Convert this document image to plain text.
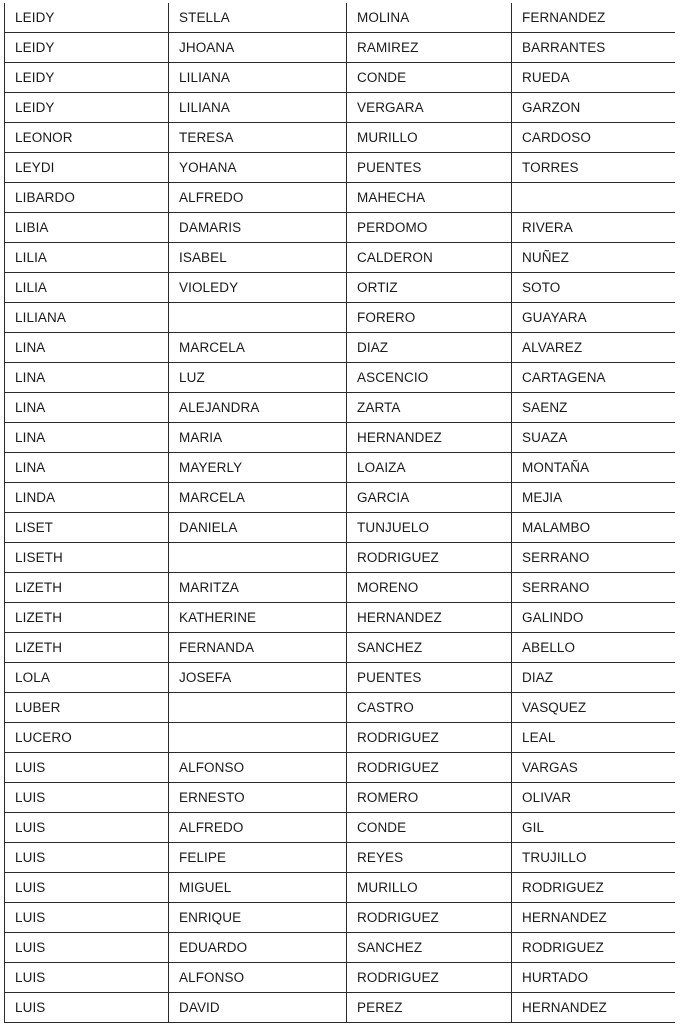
LEIDY	STELLA	MOLINA	FERNANDEZ
LEIDY	JHOANA	RAMIREZ	BARRANTES
LEIDY	LILIANA	CONDE	RUEDA
LEIDY	LILIANA	VERGARA	GARZON
LEONOR	TERESA	MURILLO	CARDOSO
LEYDI	YOHANA	PUENTES	TORRES
LIBARDO	ALFREDO	MAHECHA	
LIBIA	DAMARIS	PERDOMO	RIVERA
LILIA	ISABEL	CALDERON	NUÑEZ
LILIA	VIOLEDY	ORTIZ	SOTO
LILIANA		FORERO	GUAYARA
LINA	MARCELA	DIAZ	ALVAREZ
LINA	LUZ	ASCENCIO	CARTAGENA
LINA	ALEJANDRA	ZARTA	SAENZ
LINA	MARIA	HERNANDEZ	SUAZA
LINA	MAYERLY	LOAIZA	MONTAÑA
LINDA	MARCELA	GARCIA	MEJIA
LISET	DANIELA	TUNJUELO	MALAMBO
LISETH		RODRIGUEZ	SERRANO
LIZETH	MARITZA	MORENO	SERRANO
LIZETH	KATHERINE	HERNANDEZ	GALINDO
LIZETH	FERNANDA	SANCHEZ	ABELLO
LOLA	JOSEFA	PUENTES	DIAZ
LUBER		CASTRO	VASQUEZ
LUCERO		RODRIGUEZ	LEAL
LUIS	ALFONSO	RODRIGUEZ	VARGAS
LUIS	ERNESTO	ROMERO	OLIVAR
LUIS	ALFREDO	CONDE	GIL
LUIS	FELIPE	REYES	TRUJILLO
LUIS	MIGUEL	MURILLO	RODRIGUEZ
LUIS	ENRIQUE	RODRIGUEZ	HERNANDEZ
LUIS	EDUARDO	SANCHEZ	RODRIGUEZ
LUIS	ALFONSO	RODRIGUEZ	HURTADO
LUIS	DAVID	PEREZ	HERNANDEZ
